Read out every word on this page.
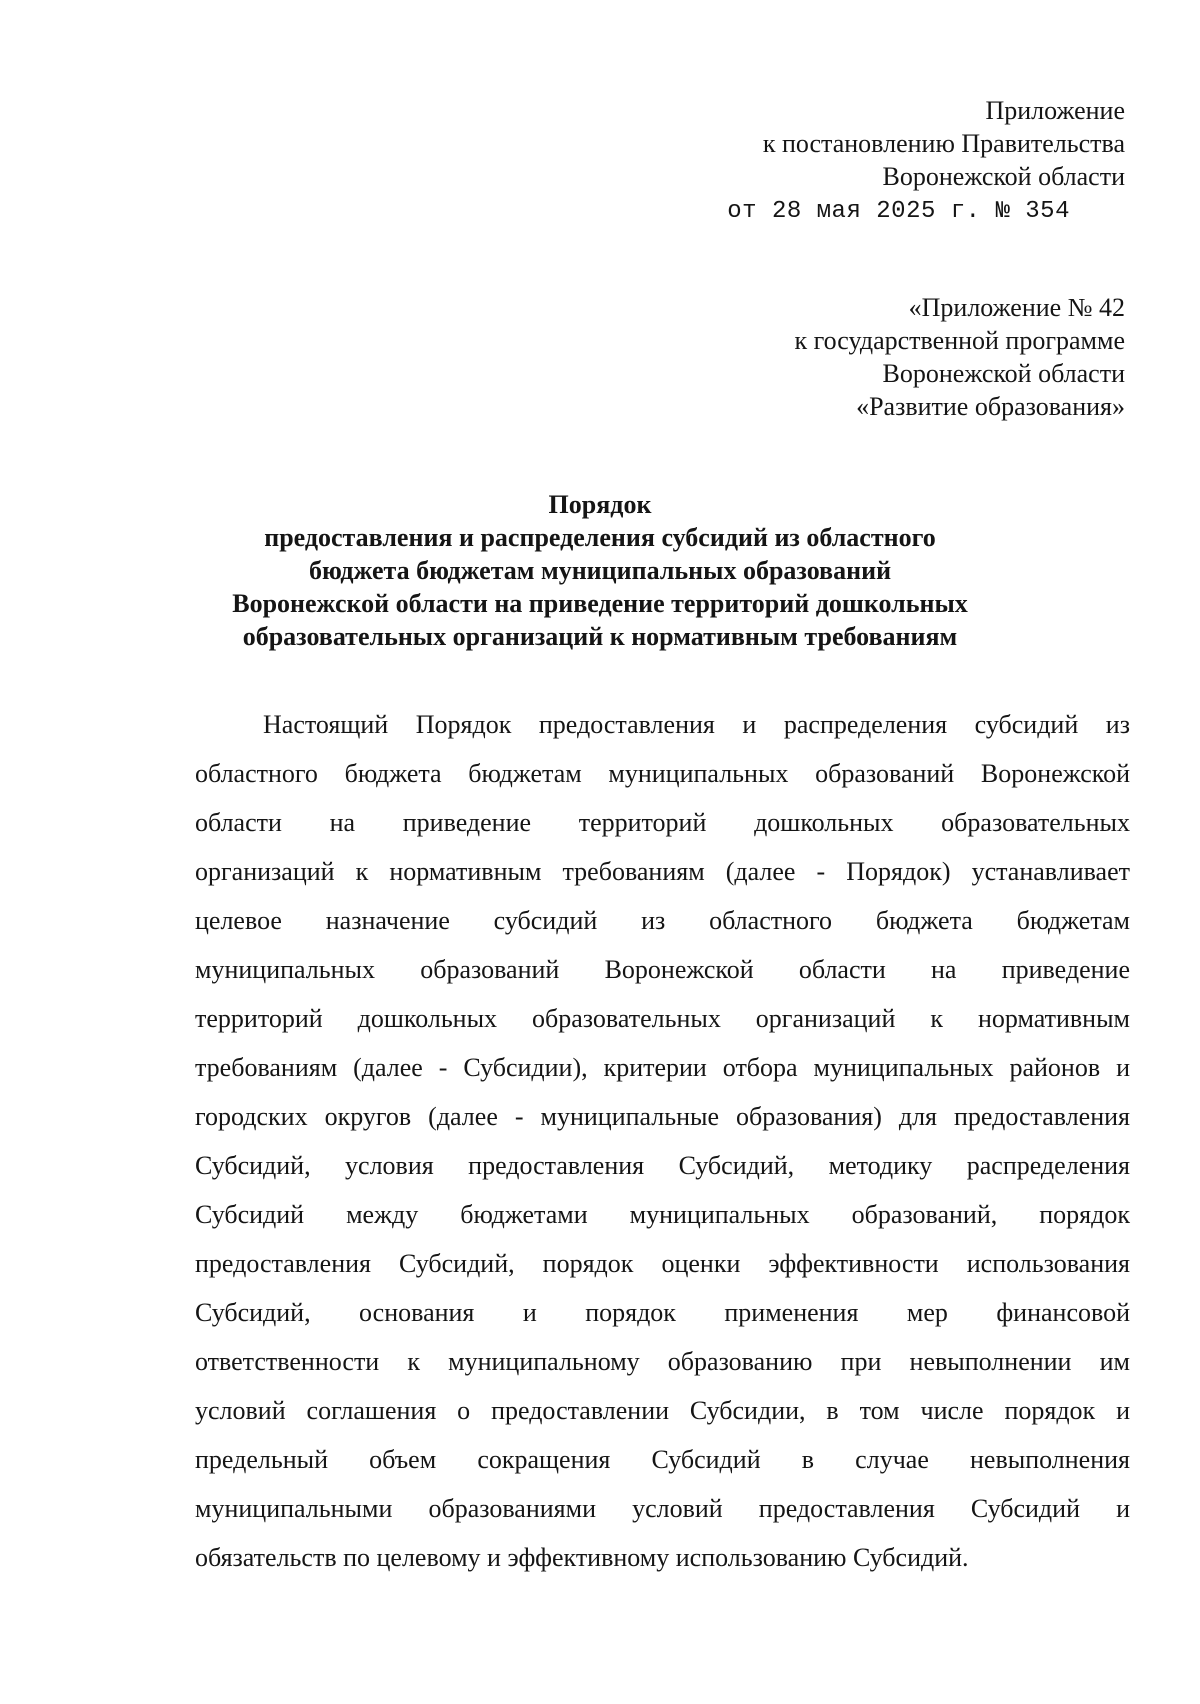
Приложение
к постановлению Правительства
Воронежской области
от 28 мая 2025 г. № 354
«Приложение № 42
к государственной программе
Воронежской области
«Развитие образования»
Порядок
предоставления и распределения субсидий из областного
бюджета бюджетам муниципальных образований
Воронежской области на приведение территорий дошкольных
образовательных организаций к нормативным требованиям
Настоящий Порядок предоставления и распределения субсидий из
областного бюджета бюджетам муниципальных образований Воронежской
области на приведение территорий дошкольных образовательных
организаций к нормативным требованиям (далее - Порядок) устанавливает
целевое назначение субсидий из областного бюджета бюджетам
муниципальных образований Воронежской области на приведение
территорий дошкольных образовательных организаций к нормативным
требованиям (далее - Субсидии), критерии отбора муниципальных районов и
городских округов (далее - муниципальные образования) для предоставления
Субсидий, условия предоставления Субсидий, методику распределения
Субсидий между бюджетами муниципальных образований, порядок
предоставления Субсидий, порядок оценки эффективности использования
Субсидий, основания и порядок применения мер финансовой
ответственности к муниципальному образованию при невыполнении им
условий соглашения о предоставлении Субсидии, в том числе порядок и
предельный объем сокращения Субсидий в случае невыполнения
муниципальными образованиями условий предоставления Субсидий и
обязательств по целевому и эффективному использованию Субсидий.
